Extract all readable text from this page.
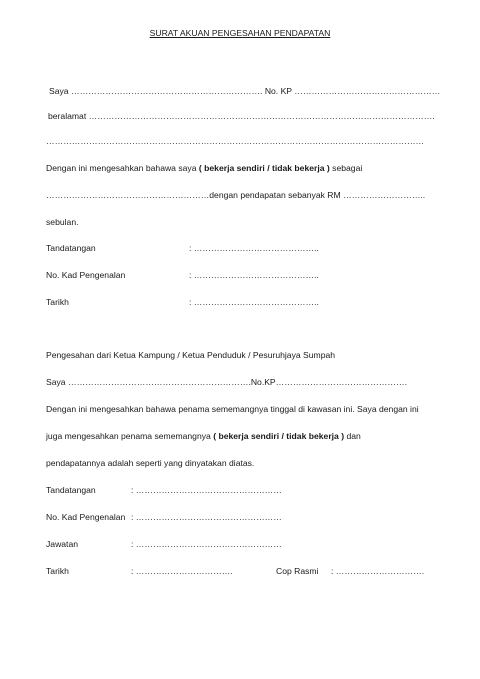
SURAT AKUAN PENGESAHAN PENDAPATAN
Saya …………………………………………………………. No. KP ……………………………………………
beralamat ………………………………………………………………………………………………………….
……………………………………………………………………………………………………………………
Dengan ini mengesahkan bahawa saya ( bekerja sendiri / tidak bekerja ) sebagai
…………………………………………………dengan pendapatan sebanyak RM ………………………..
sebulan.
Tandatangan	: ……………………………………..
No. Kad Pengenalan	: ……………………………………..
Tarikh	: ……………………………………..
Pengesahan dari Ketua Kampung / Ketua Penduduk / Pesuruhjaya Sumpah
Saya ……………………………………………………….No.KP……………………………………….
Dengan ini mengesahkan bahawa penama sememangnya tinggal di kawasan ini. Saya dengan ini
juga mengesahkan penama sememangnya ( bekerja sendiri / tidak bekerja ) dan
pendapatannya adalah seperti yang dinyatakan diatas.
Tandatangan	: ……………………………………………
No. Kad Pengenalan : ……………………………………………
Jawatan	: ……………………………………………
Tarikh	: …………………………….	Cop Rasmi : ………………………….
